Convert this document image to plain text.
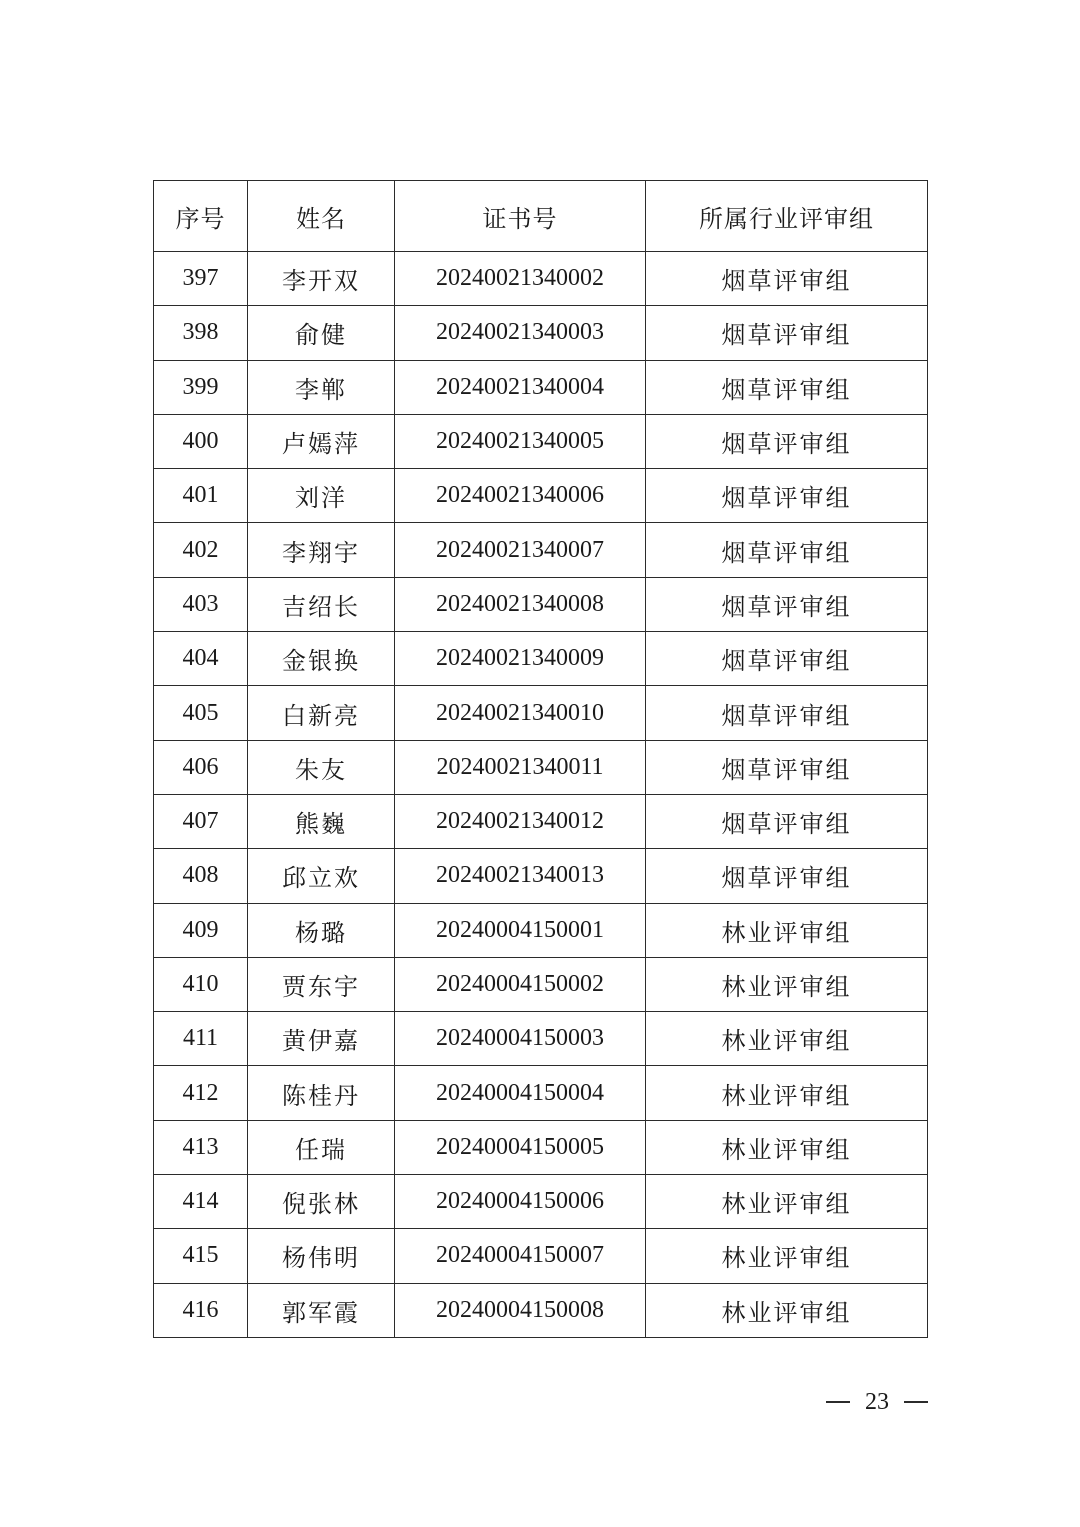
序号	姓名	证书号	所属行业评审组
397	李开双	20240021340002	烟草评审组
398	俞健	20240021340003	烟草评审组
399	李郸	20240021340004	烟草评审组
400	卢嫣萍	20240021340005	烟草评审组
401	刘洋	20240021340006	烟草评审组
402	李翔宇	20240021340007	烟草评审组
403	吉绍长	20240021340008	烟草评审组
404	金银换	20240021340009	烟草评审组
405	白新亮	20240021340010	烟草评审组
406	朱友	20240021340011	烟草评审组
407	熊巍	20240021340012	烟草评审组
408	邱立欢	20240021340013	烟草评审组
409	杨璐	20240004150001	林业评审组
410	贾东宇	20240004150002	林业评审组
411	黄伊嘉	20240004150003	林业评审组
412	陈桂丹	20240004150004	林业评审组
413	任瑞	20240004150005	林业评审组
414	倪张林	20240004150006	林业评审组
415	杨伟明	20240004150007	林业评审组
416	郭军霞	20240004150008	林业评审组
23
